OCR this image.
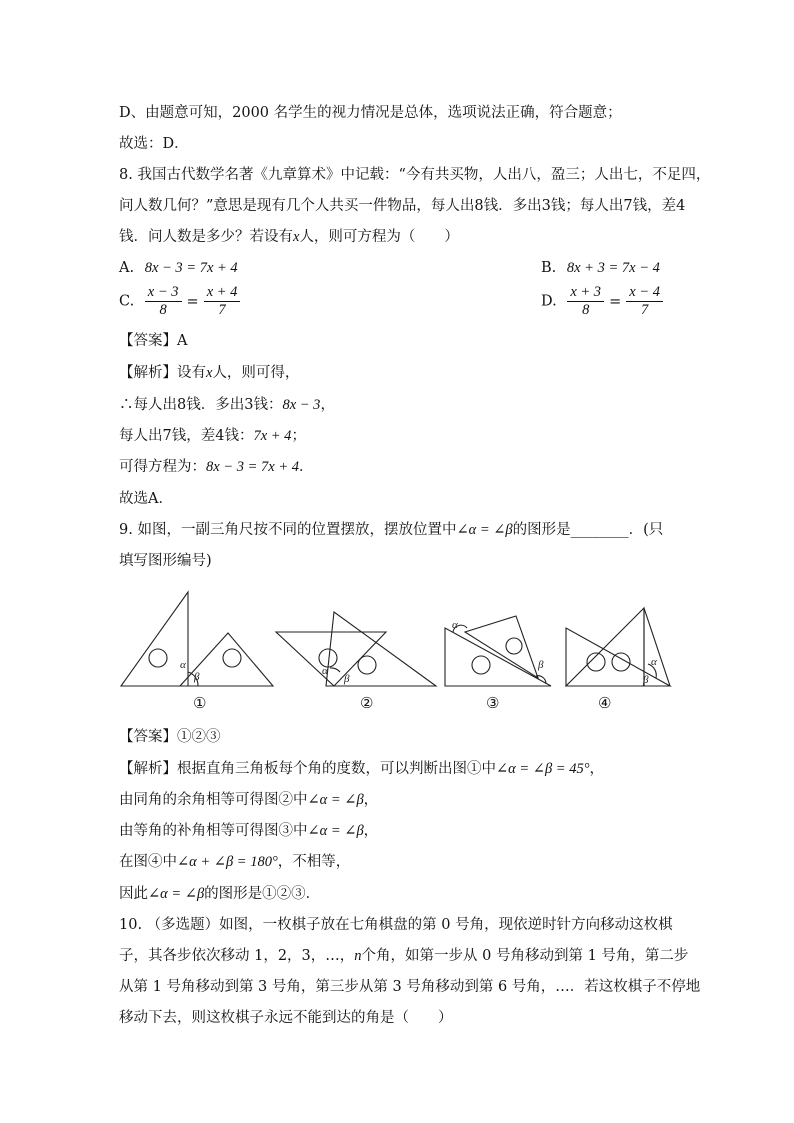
D、由题意可知，2000 名学生的视力情况是总体，选项说法正确，符合题意；
故选：D．
8. 我国古代数学名著《九章算术》中记载：“今有共买物，人出八，盈三；人出七，不足四，
问人数几何？”意思是现有几个人共买一件物品，每人出8钱．多出3钱；每人出7钱，差4
钱．问人数是多少？若设有x人，则可方程为（　　）
A. 8x − 3 = 7x + 4	B. 8x + 3 = 7x − 4
C. $\frac{x - 3}{8} = \frac{x + 4}{7}$	D. $\frac{x + 3}{8} = \frac{x - 4}{7}$
【答案】A
【解析】设有x人，则可得，
∴每人出8钱．多出3钱：8x − 3，
每人出7钱，差4钱：7x + 4；
可得方程为：8x − 3 = 7x + 4．
故选A．
9. 如图，一副三角尺按不同的位置摆放，摆放位置中∠α = ∠β的图形是________．(只
填写图形编号)
α
β	α
β
α
β	α
β
①	②	③	④
【答案】①②③
【解析】根据直角三角板每个角的度数，可以判断出图①中∠α = ∠β = 45°，
由同角的余角相等可得图②中∠α = ∠β，
由等角的补角相等可得图③中∠α = ∠β，
在图④中∠α + ∠β = 180°，不相等，
因此∠α = ∠β的图形是①②③．
10. （多选题）如图，一枚棋子放在七角棋盘的第 0 号角，现依逆时针方向移动这枚棋
子，其各步依次移动 1，2，3，…，n个角，如第一步从 0 号角移动到第 1 号角，第二步
从第 1 号角移动到第 3 号角，第三步从第 3 号角移动到第 6 号角，…．若这枚棋子不停地
移动下去，则这枚棋子永远不能到达的角是（　　）
